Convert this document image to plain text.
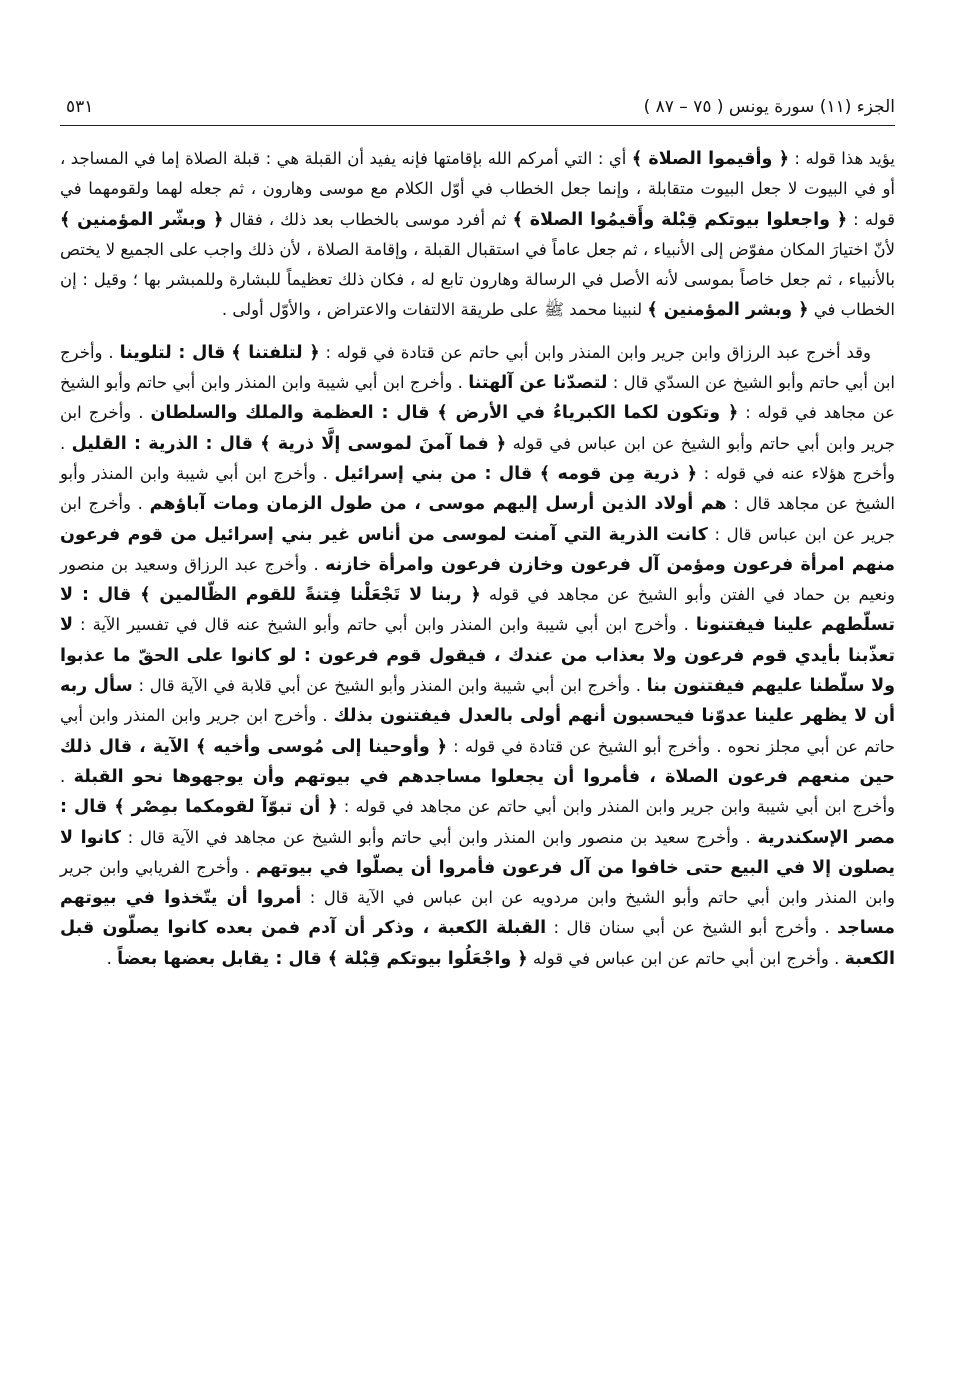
الجزء (١١) سورة يونس ( ٧٥ – ٨٧ )
٥٣١

يؤيد هذا قوله : ﴿ وأقيموا الصلاة ﴾ أي : التي أمركم الله بإقامتها فإنه يفيد أن القبلة هي : قبلة الصلاة إما في المساجد ، أو في البيوت لا جعل البيوت متقابلة ، وإنما جعل الخطاب في أوّل الكلام مع موسى وهارون ، ثم جعله لهما ولقومهما في قوله : ﴿ واجعلوا بيوتكم قِبْلة وأَقيمُوا الصلاة ﴾ ثم أفرد موسى بالخطاب بعد ذلك ، فقال ﴿ وبشّر المؤمنين ﴾ لأنّ اختيارَ المكان مفوّض إلى الأنبياء ، ثم جعل عاماً في استقبال القبلة ، وإقامة الصلاة ، لأن ذلك واجب على الجميع لا يختص بالأنبياء ، ثم جعل خاصاً بموسى لأنه الأصل في الرسالة وهارون تابع له ، فكان ذلك تعظيماً للبشارة وللمبشر بها ؛ وقيل : إن الخطاب في ﴿ وبشر المؤمنين ﴾ لنبينا محمد ﷺ على طريقة الالتفات والاعتراض ، والأوّل أولى .

وقد أخرج عبد الرزاق وابن جرير وابن المنذر وابن أبي حاتم عن قتادة في قوله : ﴿ لتلفتنا ﴾ قال : لتلوينا . وأخرج ابن أبي حاتم وأبو الشيخ عن السدّي قال : لتصدّنا عن آلهتنا . وأخرج ابن أبي شيبة وابن المنذر وابن أبي حاتم وأبو الشيخ عن مجاهد في قوله : ﴿ وتكون لكما الكبرياءُ في الأرض ﴾ قال : العظمة والملك والسلطان . وأخرج ابن جرير وابن أبي حاتم وأبو الشيخ عن ابن عباس في قوله ﴿ فما آمنَ لموسى إلَّا ذرية ﴾ قال : الذرية : القليل . وأخرج هؤلاء عنه في قوله : ﴿ ذرية مِن قومه ﴾ قال : من بني إسرائيل . وأخرج ابن أبي شيبة وابن المنذر وأبو الشيخ عن مجاهد قال : هم أولاد الذين أرسل إليهم موسى ، من طول الزمان ومات آباؤهم . وأخرج ابن جرير عن ابن عباس قال : كانت الذرية التي آمنت لموسى من أناس غير بني إسرائيل من قوم فرعون منهم امرأة فرعون ومؤمن آل فرعون وخازن فرعون وامرأة خازنه . وأخرج عبد الرزاق وسعيد بن منصور ونعيم بن حماد في الفتن وأبو الشيخ عن مجاهد في قوله ﴿ ربنا لا تَجْعَلْنا فِتنةً للقوم الظّالمين ﴾ قال : لا تسلّطهم علينا فيفتنونا . وأخرج ابن أبي شيبة وابن المنذر وابن أبي حاتم وأبو الشيخ عنه قال في تفسير الآية : لا تعذّبنا بأيدي قوم فرعون ولا بعذاب من عندك ، فيقول قوم فرعون : لو كانوا على الحقّ ما عذبوا ولا سلّطنا عليهم فيفتنون بنا . وأخرج ابن أبي شيبة وابن المنذر وأبو الشيخ عن أبي قلابة في الآية قال : سأل ربه أن لا يظهر علينا عدوّنا فيحسبون أنهم أولى بالعدل فيفتنون بذلك . وأخرج ابن جرير وابن المنذر وابن أبي حاتم عن أبي مجلز نحوه . وأخرج أبو الشيخ عن قتادة في قوله : ﴿ وأوحينا إلى مُوسى وأخيه ﴾ الآية ، قال ذلك حين منعهم فرعون الصلاة ، فأمروا أن يجعلوا مساجدهم في بيوتهم وأن يوجهوها نحو القبلة . وأخرج ابن أبي شيبة وابن جرير وابن المنذر وابن أبي حاتم عن مجاهد في قوله : ﴿ أن تبوّآ لقومكما بمِصْر ﴾ قال : مصر الإسكندرية . وأخرج سعيد بن منصور وابن المنذر وابن أبي حاتم وأبو الشيخ عن مجاهد في الآية قال : كانوا لا يصلون إلا في البيع حتى خافوا من آل فرعون فأمروا أن يصلّوا في بيوتهم . وأخرج الفريابي وابن جرير وابن المنذر وابن أبي حاتم وأبو الشيخ وابن مردويه عن ابن عباس في الآية قال : أمروا أن يتّخذوا في بيوتهم مساجد . وأخرج أبو الشيخ عن أبي سنان قال : القبلة الكعبة ، وذكر أن آدم فمن بعده كانوا يصلّون قبل الكعبة . وأخرج ابن أبي حاتم عن ابن عباس في قوله ﴿ واجْعَلُوا بيوتكم قِبْلة ﴾ قال : يقابل بعضها بعضاً .
